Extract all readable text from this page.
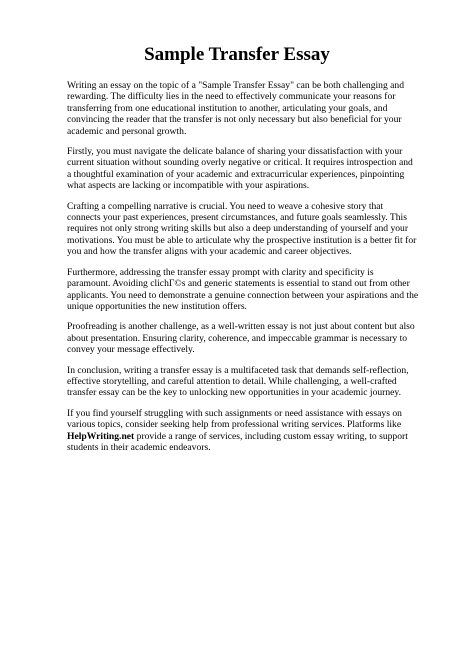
Sample Transfer Essay

Writing an essay on the topic of a "Sample Transfer Essay" can be both challenging and rewarding. The difficulty lies in the need to effectively communicate your reasons for transferring from one educational institution to another, articulating your goals, and convincing the reader that the transfer is not only necessary but also beneficial for your academic and personal growth.

Firstly, you must navigate the delicate balance of sharing your dissatisfaction with your current situation without sounding overly negative or critical. It requires introspection and a thoughtful examination of your academic and extracurricular experiences, pinpointing what aspects are lacking or incompatible with your aspirations.

Crafting a compelling narrative is crucial. You need to weave a cohesive story that connects your past experiences, present circumstances, and future goals seamlessly. This requires not only strong writing skills but also a deep understanding of yourself and your motivations. You must be able to articulate why the prospective institution is a better fit for you and how the transfer aligns with your academic and career objectives.

Furthermore, addressing the transfer essay prompt with clarity and specificity is paramount. Avoiding clichГ©s and generic statements is essential to stand out from other applicants. You need to demonstrate a genuine connection between your aspirations and the unique opportunities the new institution offers.

Proofreading is another challenge, as a well-written essay is not just about content but also about presentation. Ensuring clarity, coherence, and impeccable grammar is necessary to convey your message effectively.

In conclusion, writing a transfer essay is a multifaceted task that demands self-reflection, effective storytelling, and careful attention to detail. While challenging, a well-crafted transfer essay can be the key to unlocking new opportunities in your academic journey.

If you find yourself struggling with such assignments or need assistance with essays on various topics, consider seeking help from professional writing services. Platforms like HelpWriting.net provide a range of services, including custom essay writing, to support students in their academic endeavors.
